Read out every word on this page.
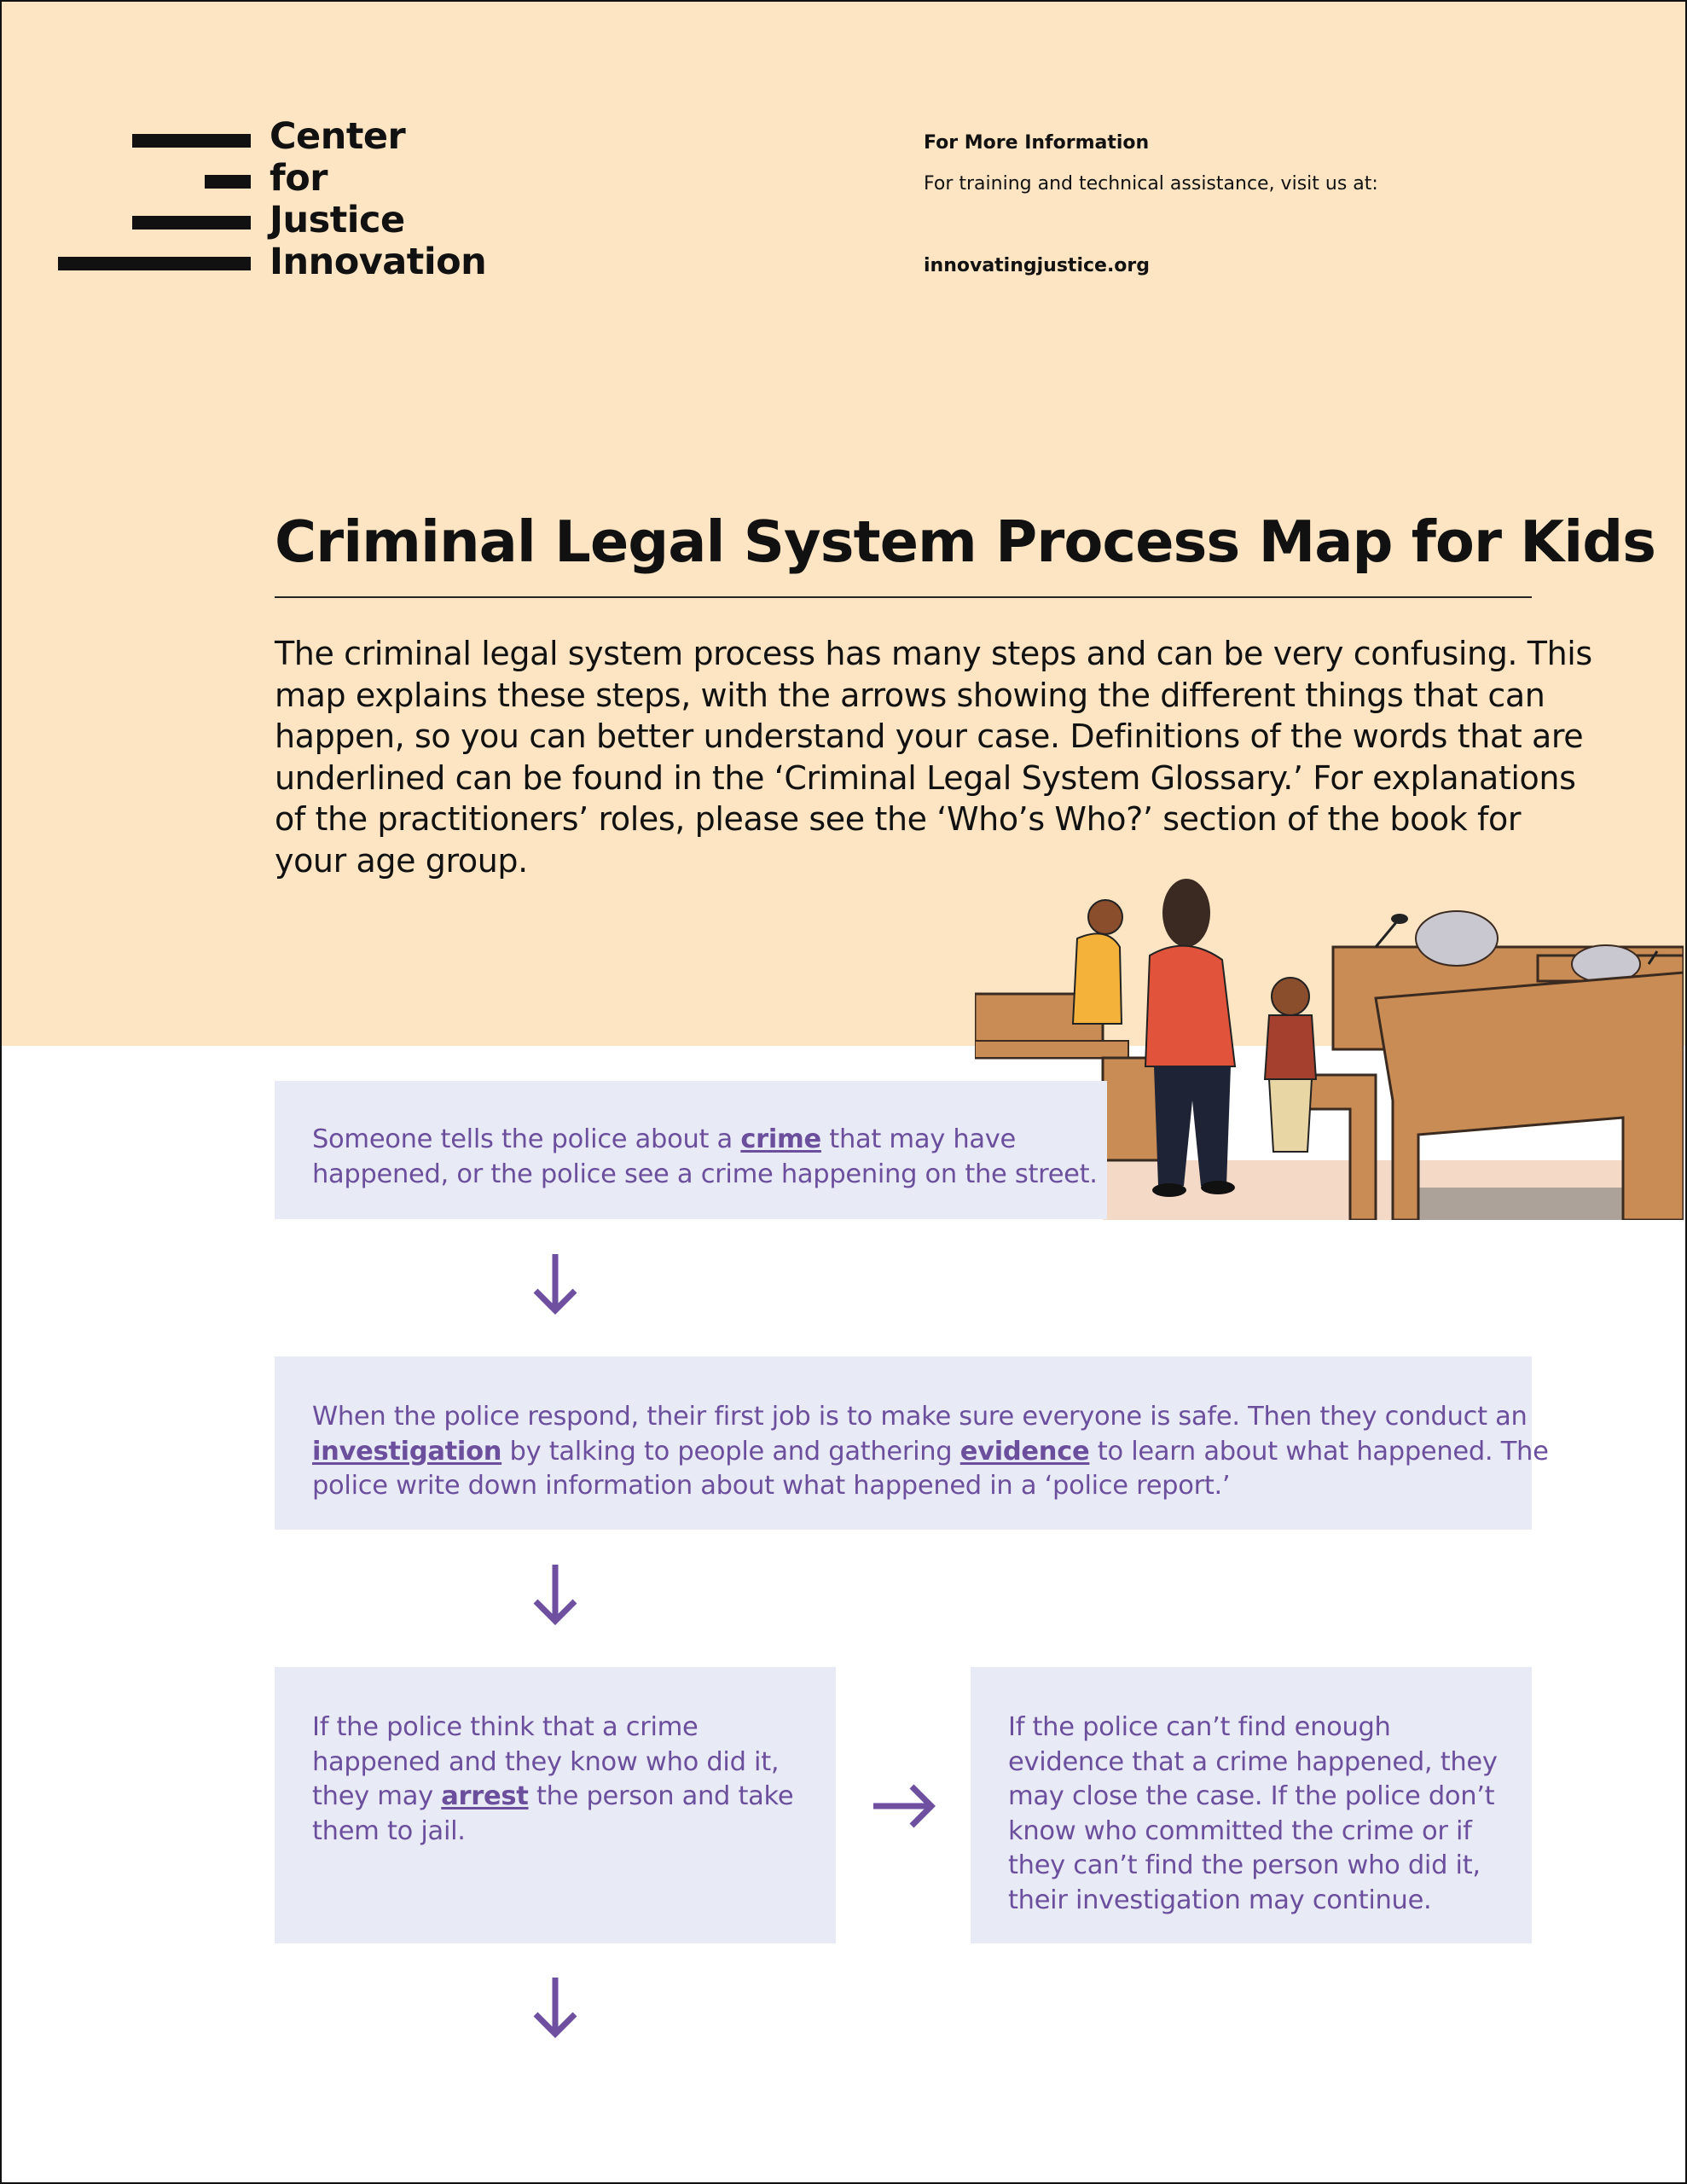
Center
for
Justice
Innovation
For More Information
For training and technical assistance, visit us at:
innovatingjustice.org
Criminal Legal System Process Map for Kids
The criminal legal system process has many steps and can be very confusing. This
map explains these steps, with the arrows showing the different things that can
happen, so you can better understand your case. Definitions of the words that are
underlined can be found in the ‘Criminal Legal System Glossary.’ For explanations
of the practitioners’ roles, please see the ‘Who’s Who?’ section of the book for
your age group.
Someone tells the police about a crime that may have
happened, or the police see a crime happening on the street.
When the police respond, their first job is to make sure everyone is safe. Then they conduct an
investigation by talking to people and gathering evidence to learn about what happened. The
police write down information about what happened in a ‘police report.’
If the police think that a crime
happened and they know who did it,
they may arrest the person and take
them to jail.
If the police can’t find enough
evidence that a crime happened, they
may close the case. If the police don’t
know who committed the crime or if
they can’t find the person who did it,
their investigation may continue.
